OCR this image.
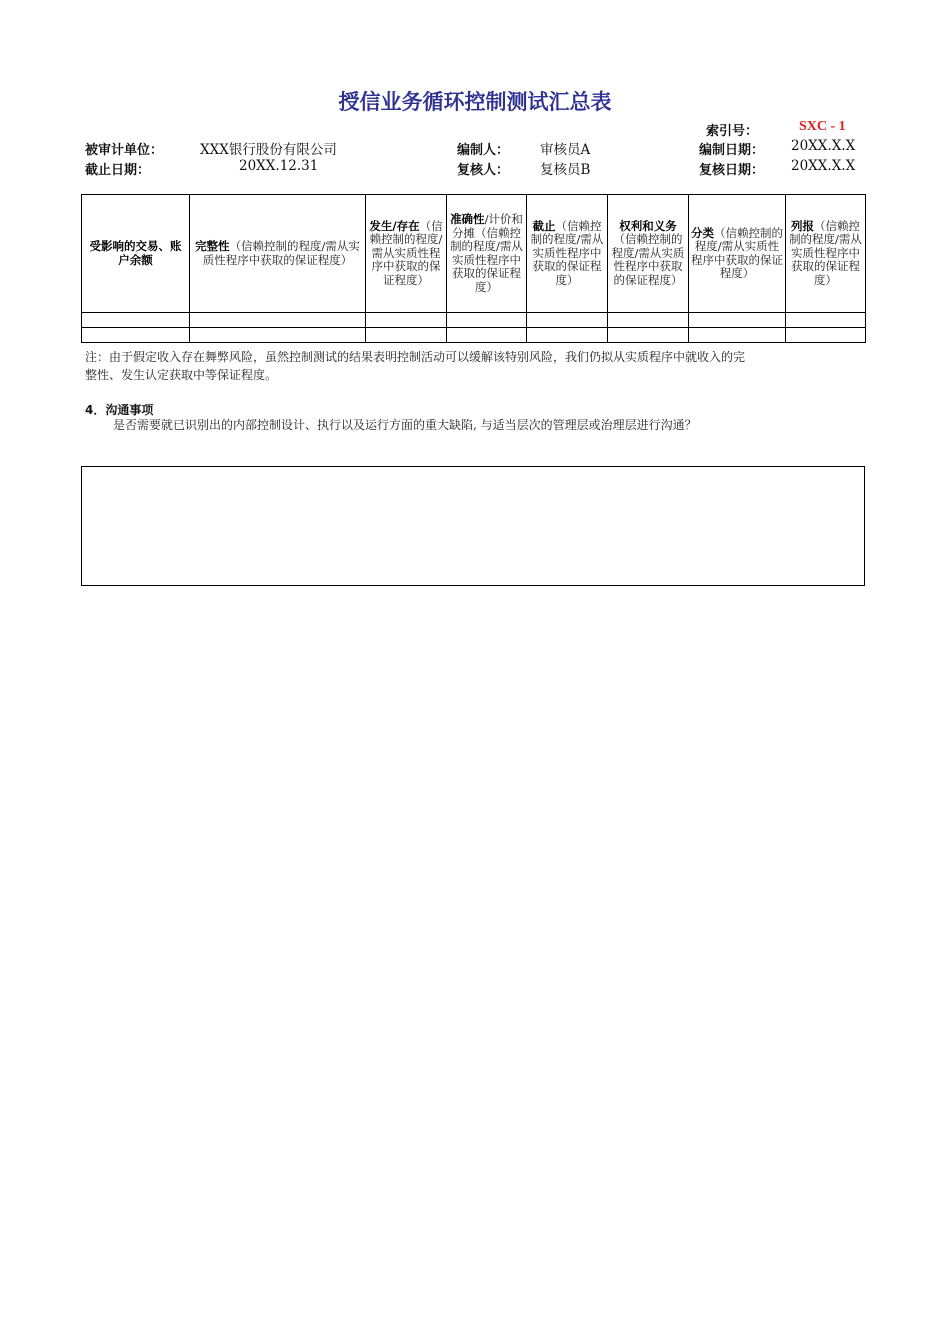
授信业务循环控制测试汇总表
索引号：	SXC - 1
被审计单位：	XXX银行股份有限公司	编制人： 审核员A	编制日期： 20XX.X.X
截止日期：	20XX.12.31	复核人： 复核员B	复核日期： 20XX.X.X
受影响的交易、账户余额	完整性（信赖控制的程度/需从实质性程序中获取的保证程度）	发生/存在（信赖控制的程度/需从实质性程序中获取的保证程度）	准确性/计价和分摊（信赖控制的程度/需从实质性程序中获取的保证程度）	截止（信赖控制的程度/需从实质性程序中获取的保证程度）	权利和义务（信赖控制的程度/需从实质性程序中获取的保证程度）	分类（信赖控制的程度/需从实质性程序中获取的保证程度）	列报（信赖控制的程度/需从实质性程序中获取的保证程度）

注：由于假定收入存在舞弊风险，虽然控制测试的结果表明控制活动可以缓解该特别风险，我们仍拟从实质程序中就收入的完整性、发生认定获取中等保证程度。
4．沟通事项
是否需要就已识别出的内部控制设计、执行以及运行方面的重大缺陷, 与适当层次的管理层或治理层进行沟通？
